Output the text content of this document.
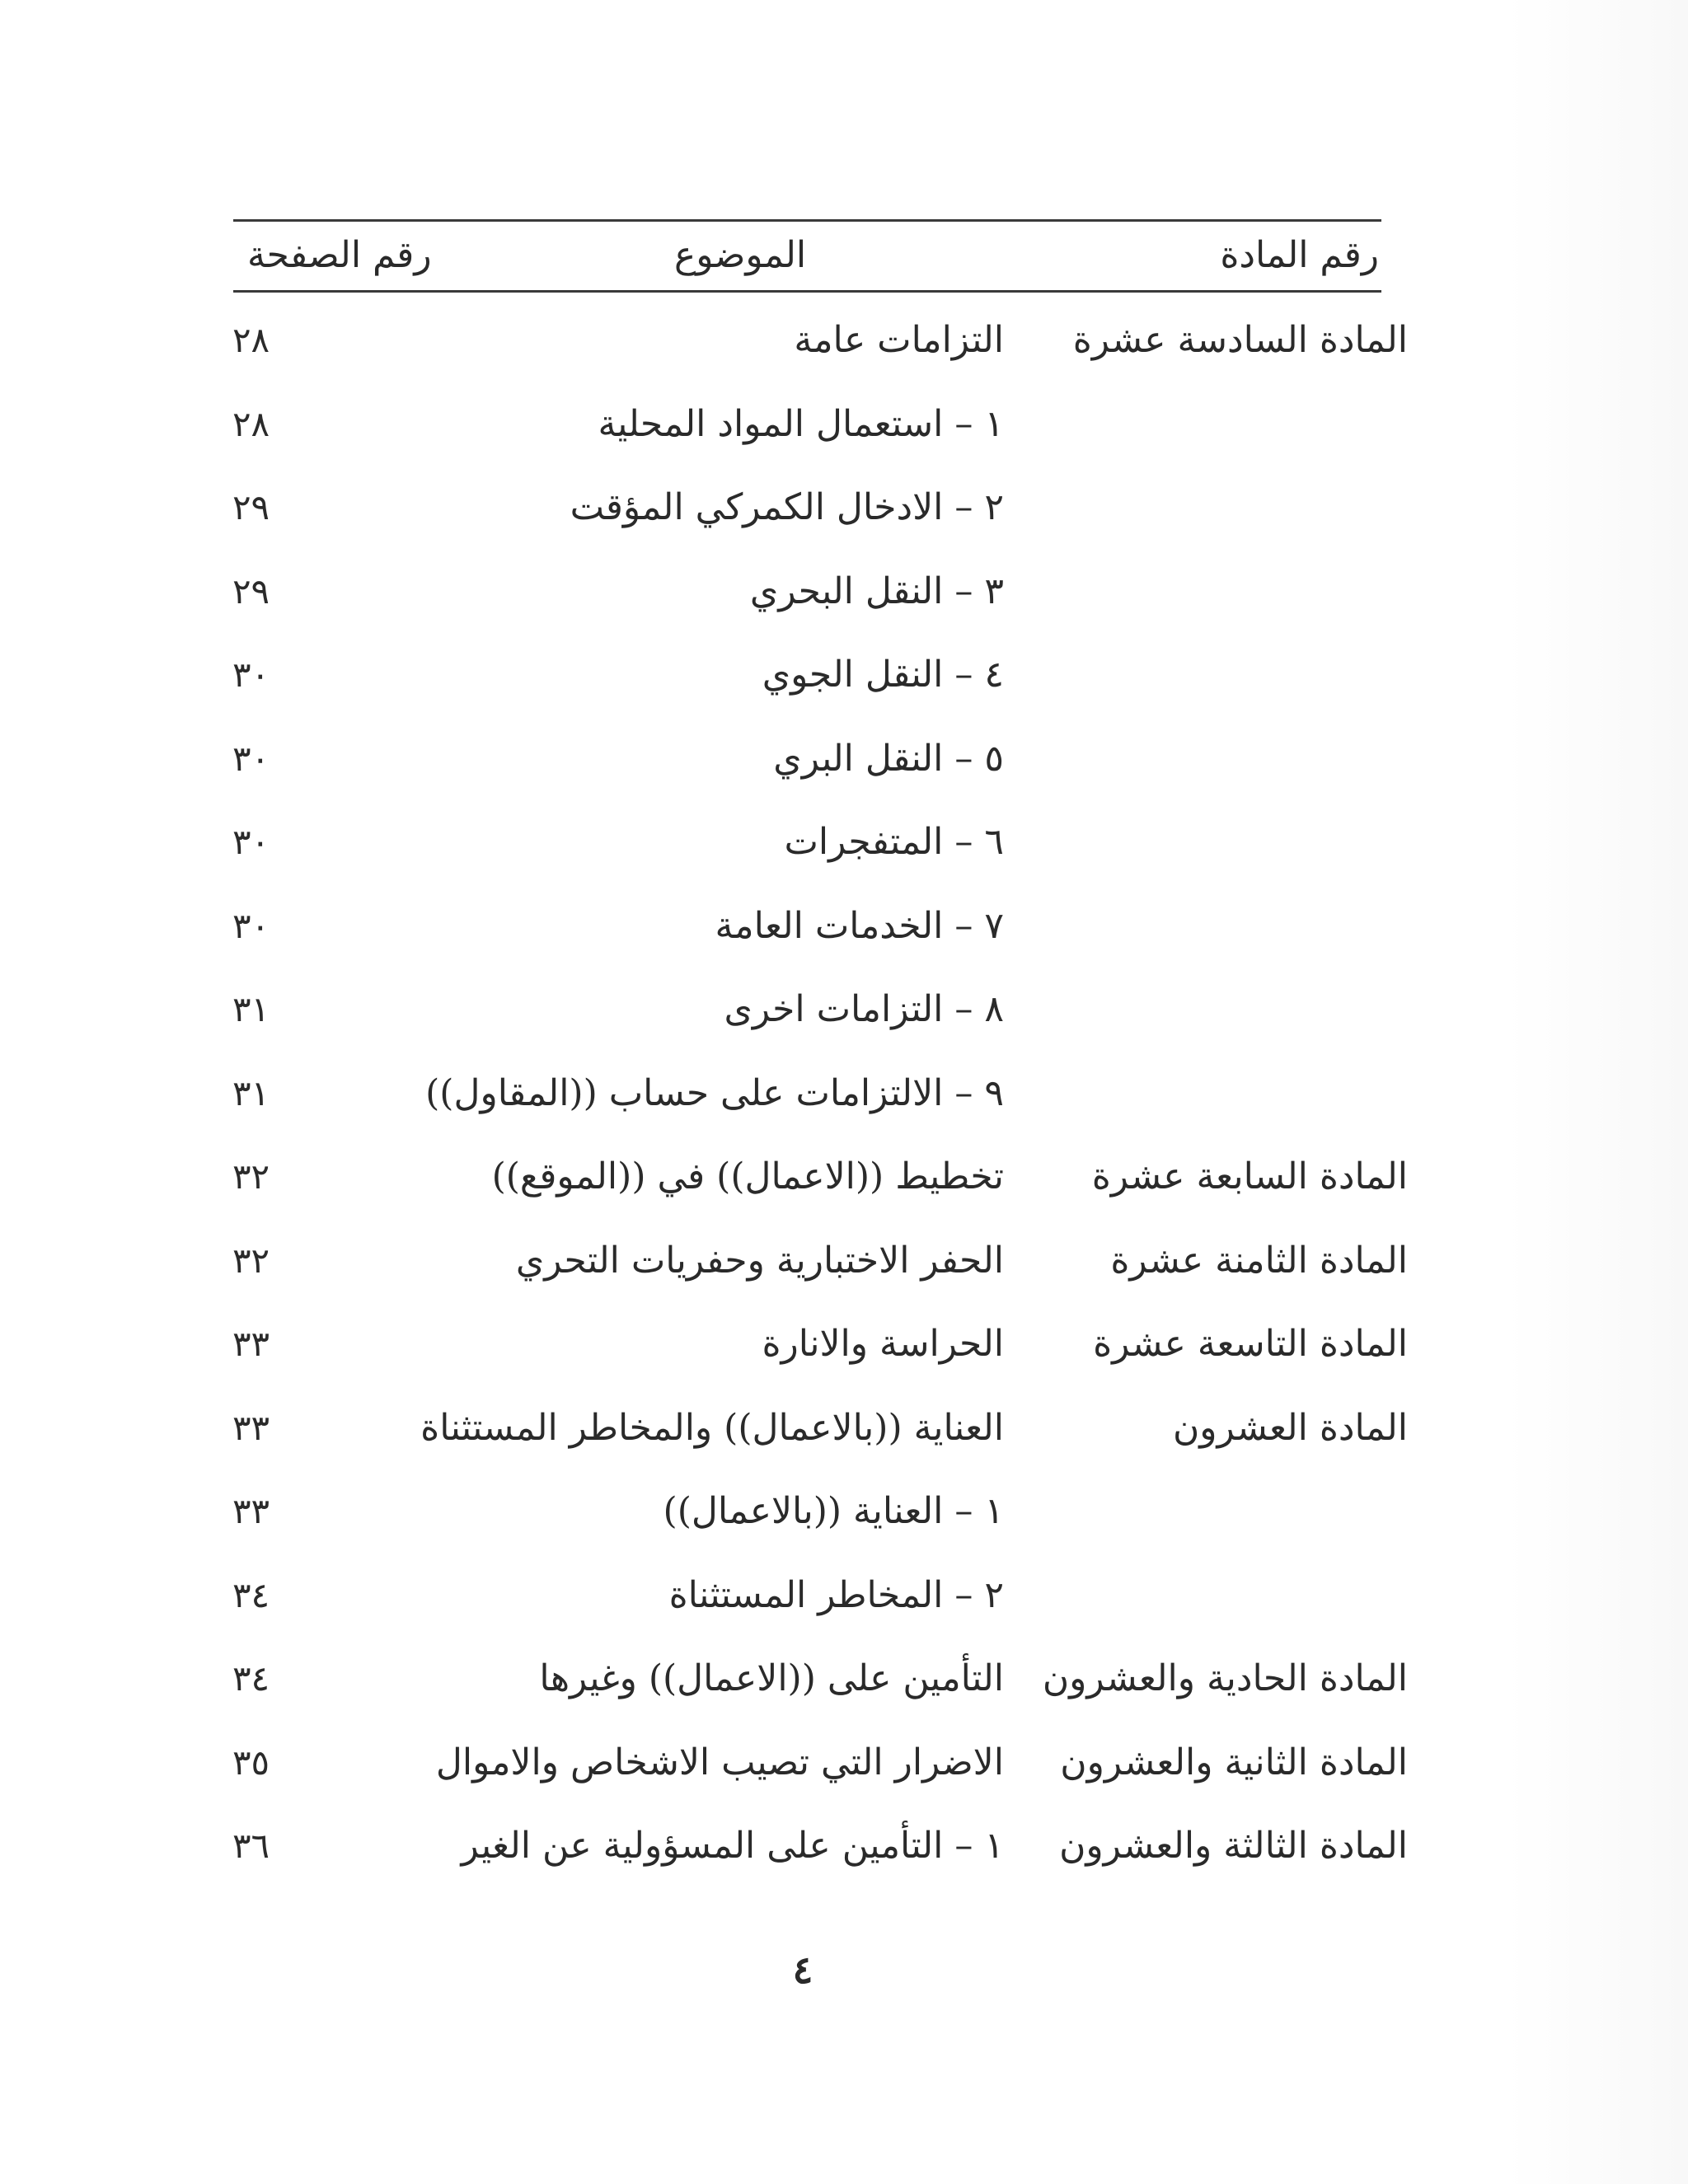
رقم المادة
الموضوع
رقم الصفحة
المادة السادسة عشرة
التزامات عامة
٢٨
١ – استعمال المواد المحلية
٢٨
٢ – الادخال الكمركي المؤقت
٢٩
٣ – النقل البحري
٢٩
٤ – النقل الجوي
٣٠
٥ – النقل البري
٣٠
٦ – المتفجرات
٣٠
٧ – الخدمات العامة
٣٠
٨ – التزامات اخرى
٣١
٩ – الالتزامات على حساب ((المقاول))
٣١
المادة السابعة عشرة
تخطيط ((الاعمال)) في ((الموقع))
٣٢
المادة الثامنة عشرة
الحفر الاختبارية وحفريات التحري
٣٢
المادة التاسعة عشرة
الحراسة والانارة
٣٣
المادة العشرون
العناية ((بالاعمال)) والمخاطر المستثناة
٣٣
١ – العناية ((بالاعمال))
٣٣
٢ – المخاطر المستثناة
٣٤
المادة الحادية والعشرون
التأمين على ((الاعمال)) وغيرها
٣٤
المادة الثانية والعشرون
الاضرار التي تصيب الاشخاص والاموال
٣٥
المادة الثالثة والعشرون
١ – التأمين على المسؤولية عن الغير
٣٦
٤
